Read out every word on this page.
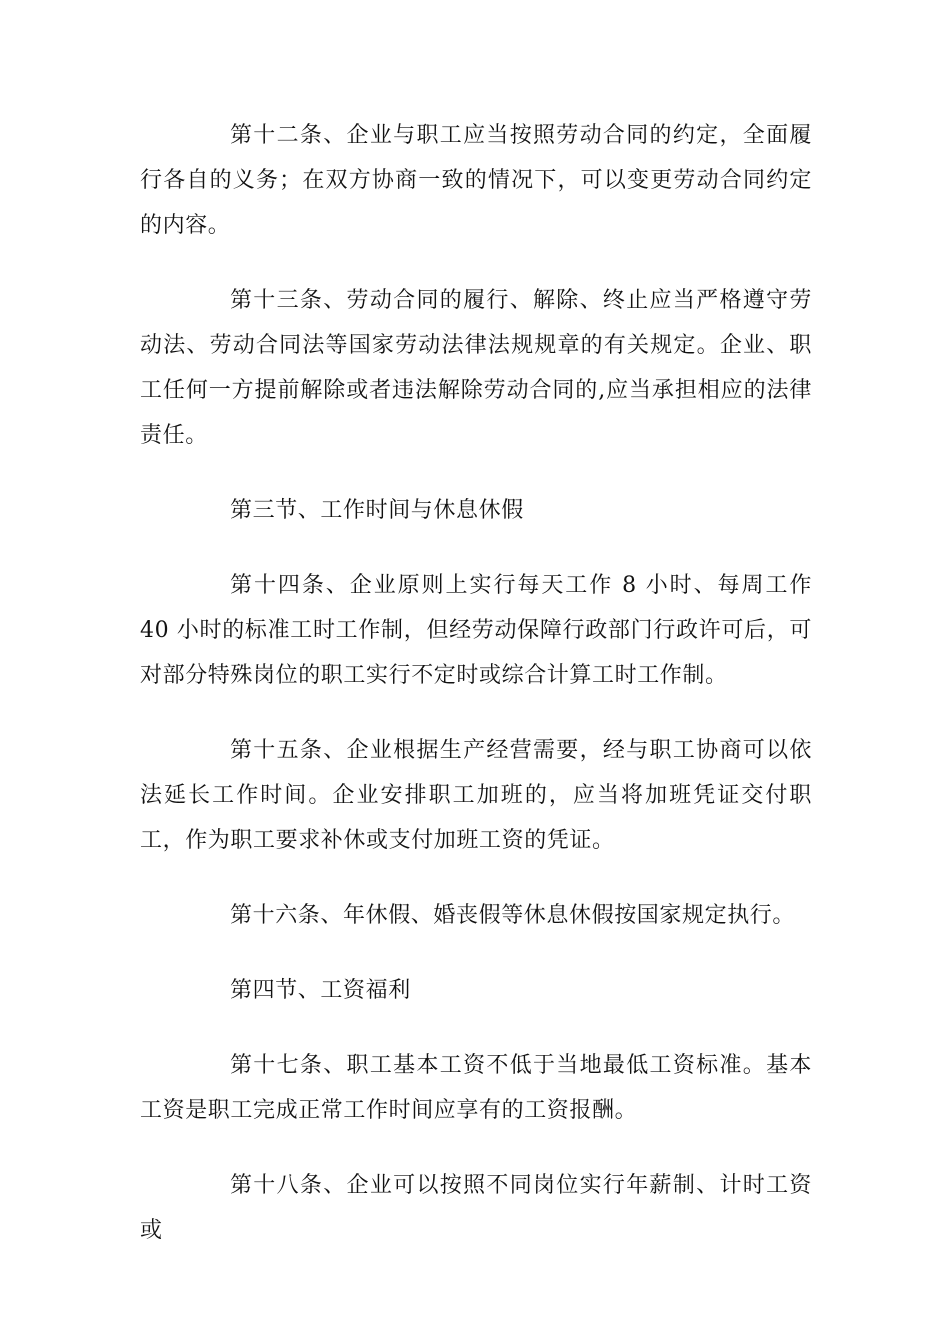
第十二条、企业与职工应当按照劳动合同的约定，全面履行各自的义务；在双方协商一致的情况下，可以变更劳动合同约定的内容。

第十三条、劳动合同的履行、解除、终止应当严格遵守劳动法、劳动合同法等国家劳动法律法规规章的有关规定。企业、职工任何一方提前解除或者违法解除劳动合同的,应当承担相应的法律责任。

第三节、工作时间与休息休假

第十四条、企业原则上实行每天工作 8 小时、每周工作 40 小时的标准工时工作制，但经劳动保障行政部门行政许可后，可对部分特殊岗位的职工实行不定时或综合计算工时工作制。

第十五条、企业根据生产经营需要，经与职工协商可以依法延长工作时间。企业安排职工加班的，应当将加班凭证交付职工，作为职工要求补休或支付加班工资的凭证。

第十六条、年休假、婚丧假等休息休假按国家规定执行。

第四节、工资福利

第十七条、职工基本工资不低于当地最低工资标准。基本工资是职工完成正常工作时间应享有的工资报酬。

第十八条、企业可以按照不同岗位实行年薪制、计时工资或
